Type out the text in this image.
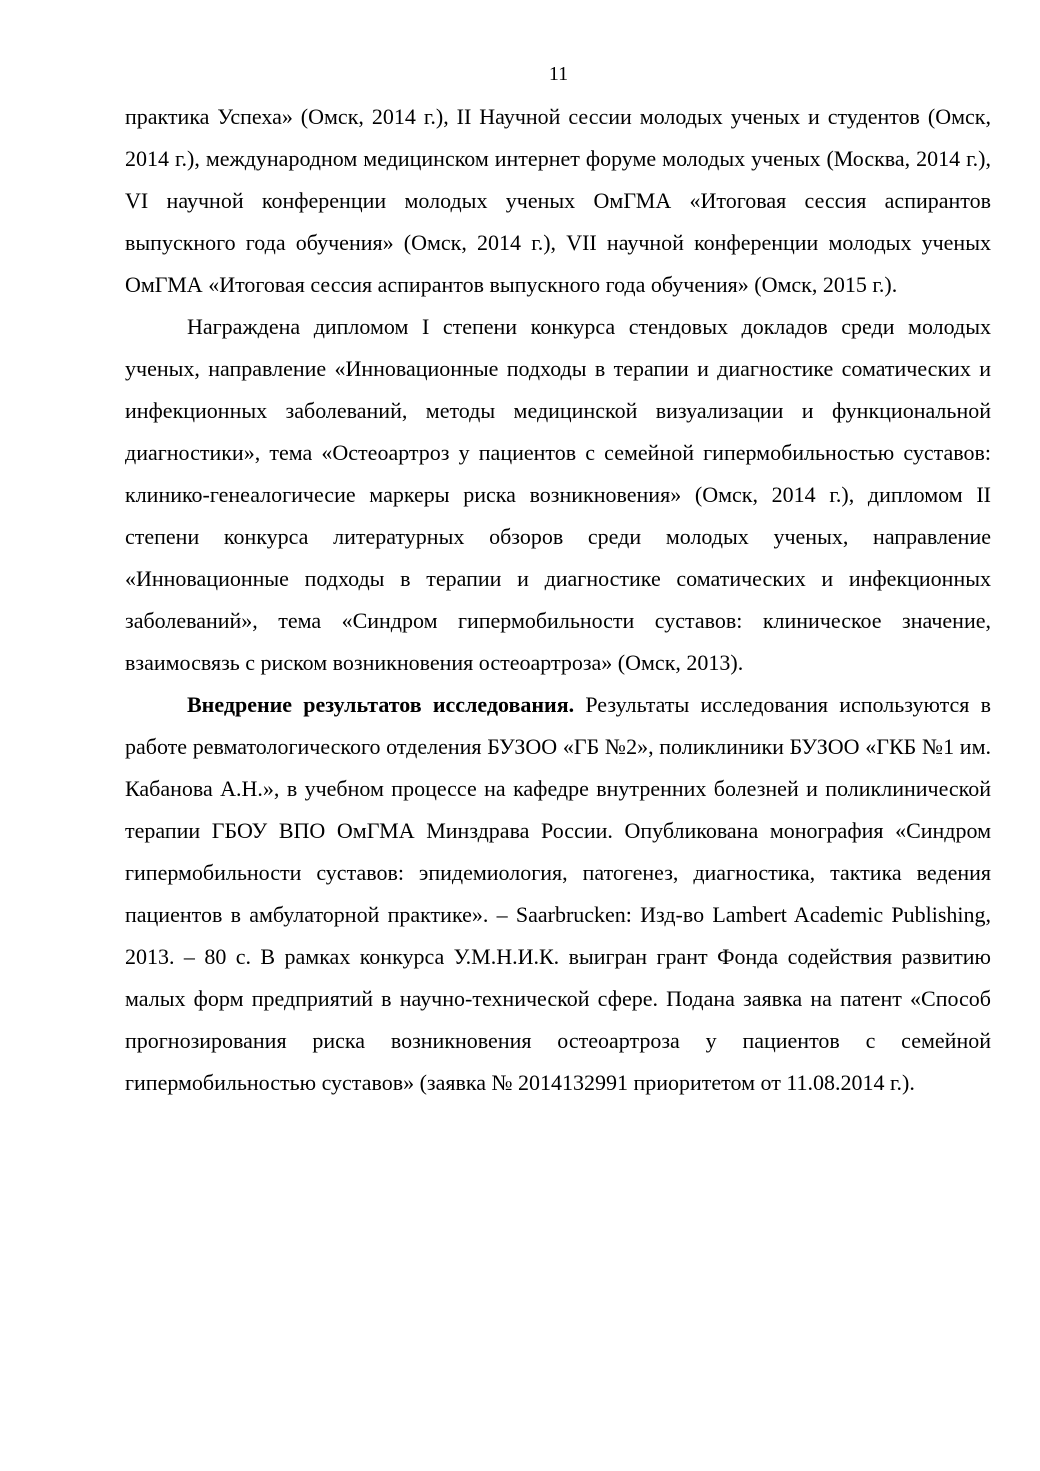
11

практика Успеха» (Омск, 2014 г.), II Научной сессии молодых ученых и студентов (Омск, 2014 г.), международном медицинском интернет форуме молодых ученых (Москва, 2014 г.), VI научной конференции молодых ученых ОмГМА «Итоговая сессия аспирантов выпускного года обучения» (Омск, 2014 г.), VII научной конференции молодых ученых ОмГМА «Итоговая сессия аспирантов выпускного года обучения» (Омск, 2015 г.).

Награждена дипломом I степени конкурса стендовых докладов среди молодых ученых, направление «Инновационные подходы в терапии и диагностике соматических и инфекционных заболеваний, методы медицинской визуализации и функциональной диагностики», тема «Остеоартроз у пациентов с семейной гипермобильностью суставов: клинико-генеалогичесие маркеры риска возникновения» (Омск, 2014 г.), дипломом II степени конкурса литературных обзоров среди молодых ученых, направление «Инновационные подходы в терапии и диагностике соматических и инфекционных заболеваний», тема «Синдром гипермобильности суставов: клиническое значение, взаимосвязь с риском возникновения остеоартроза» (Омск, 2013).

Внедрение результатов исследования. Результаты исследования используются в работе ревматологического отделения БУЗОО «ГБ №2», поликлиники БУЗОО «ГКБ №1 им. Кабанова А.Н.», в учебном процессе на кафедре внутренних болезней и поликлинической терапии ГБОУ ВПО ОмГМА Минздрава России. Опубликована монография «Синдром гипермобильности суставов: эпидемиология, патогенез, диагностика, тактика ведения пациентов в амбулаторной практике». – Saarbrucken: Изд-во Lambert Academic Publishing, 2013. – 80 с. В рамках конкурса У.М.Н.И.К. выигран грант Фонда содействия развитию малых форм предприятий в научно-технической сфере. Подана заявка на патент «Способ прогнозирования риска возникновения остеоартроза у пациентов с семейной гипермобильностью суставов» (заявка № 2014132991 приоритетом от 11.08.2014 г.).
